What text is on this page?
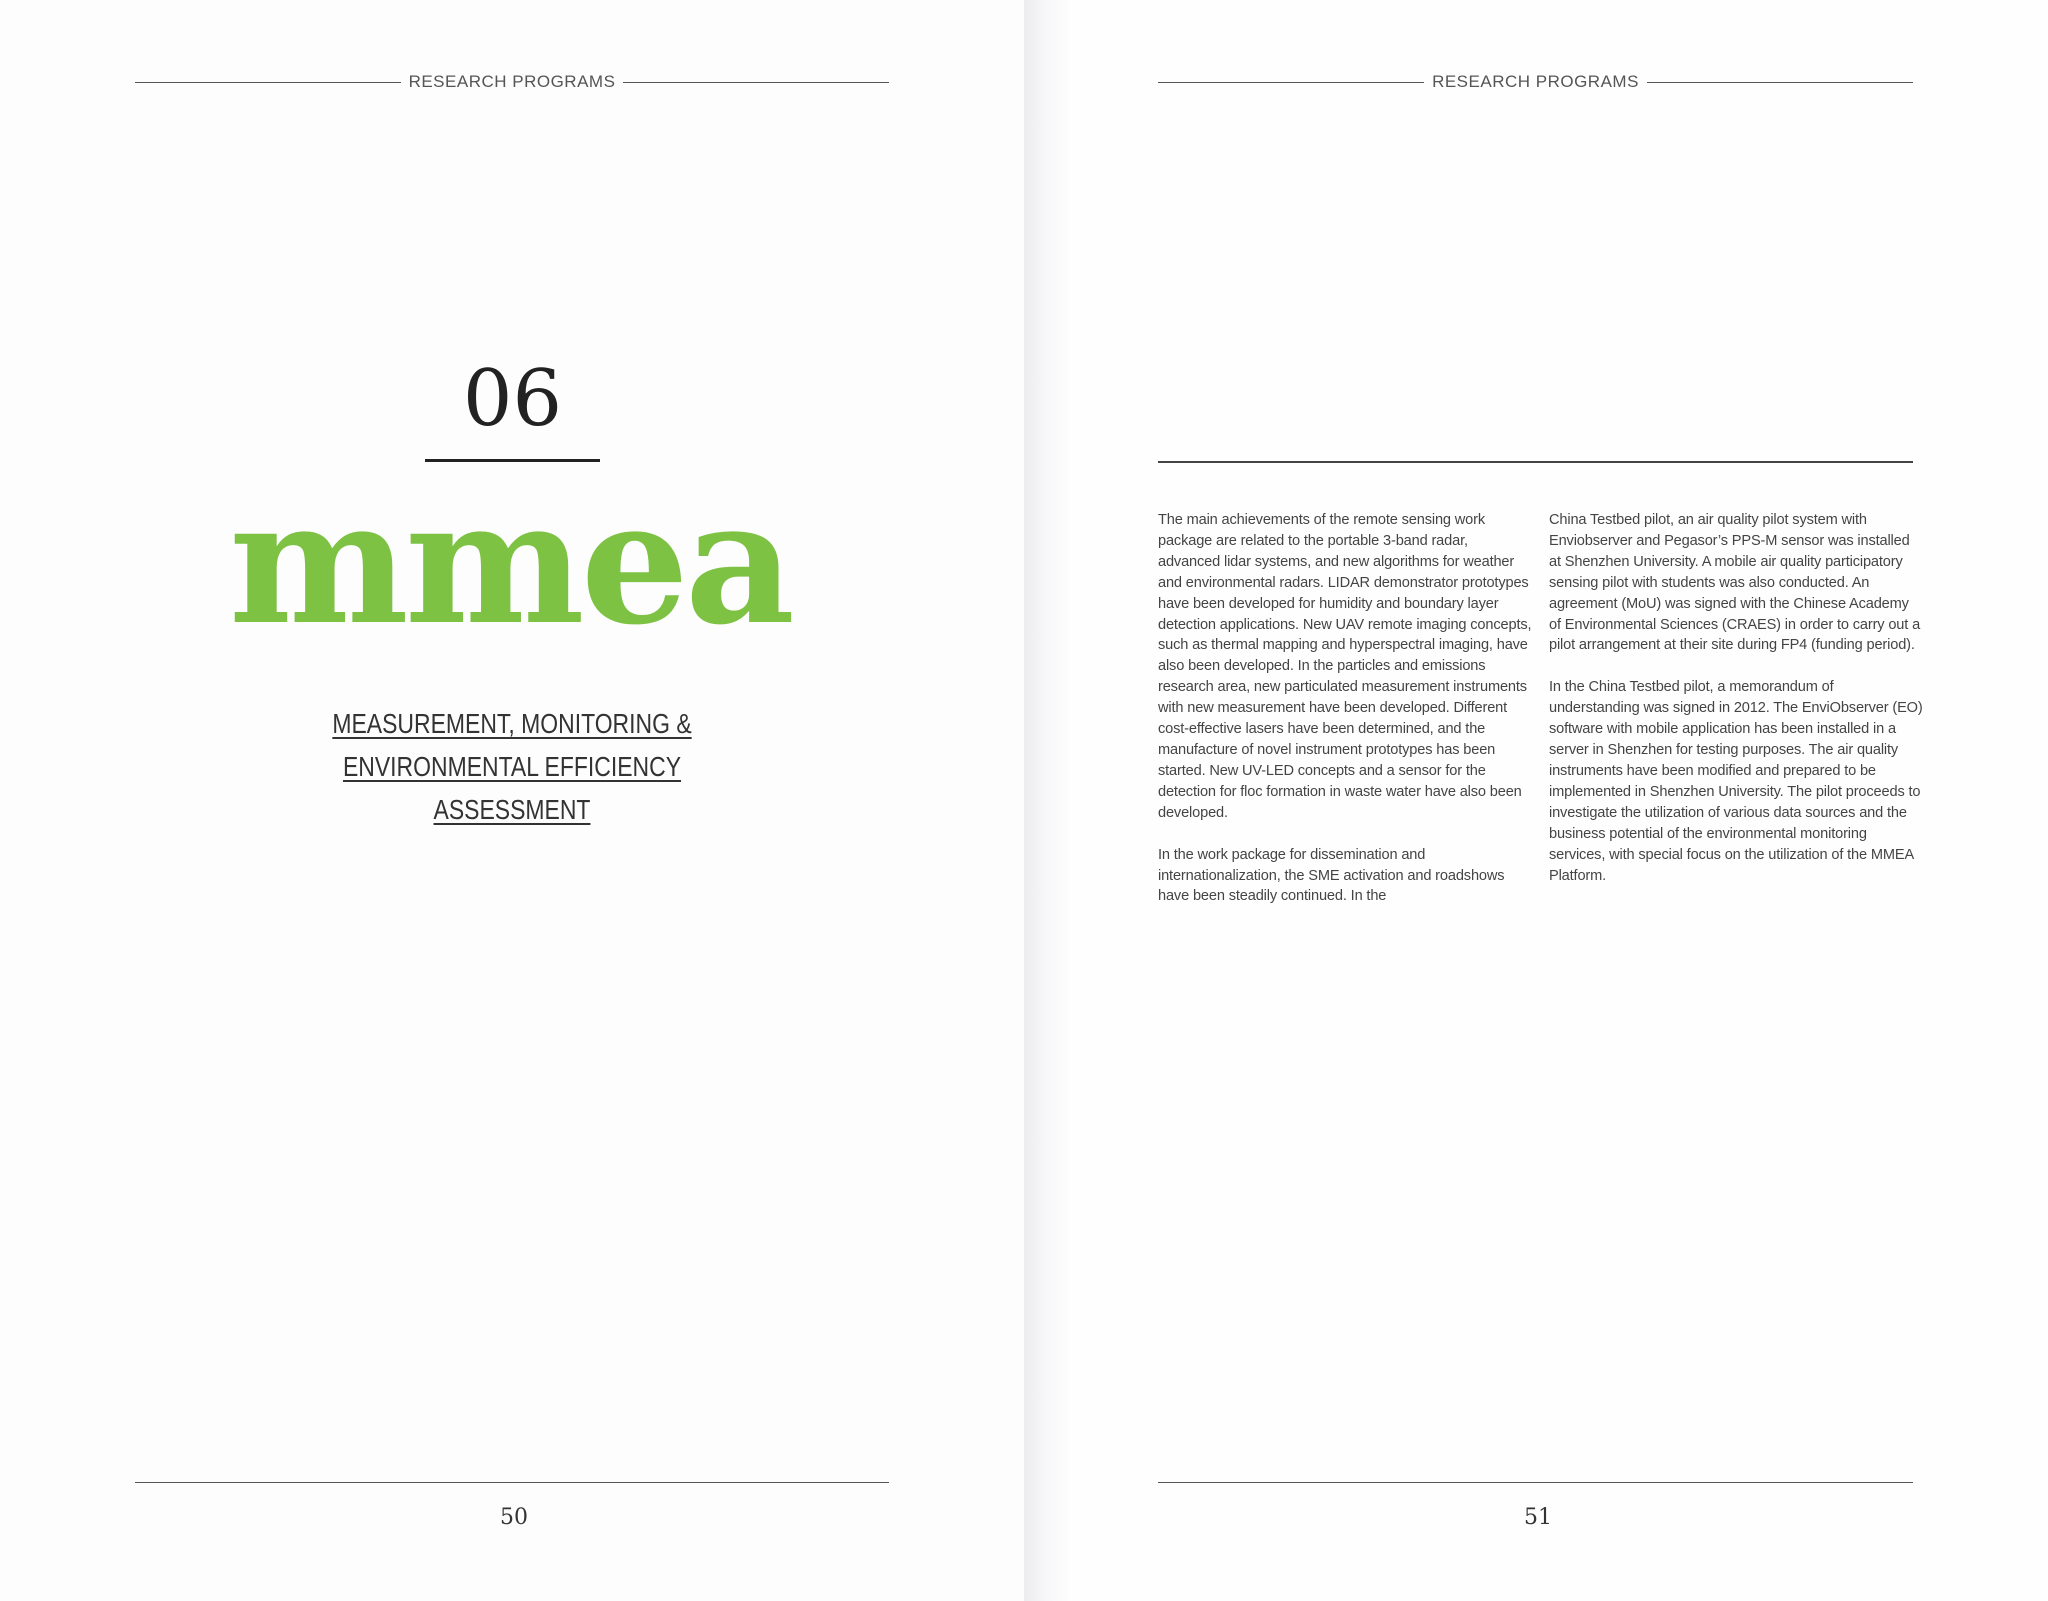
RESEARCH PROGRAMS
06
mmea
MEASUREMENT, MONITORING &
ENVIRONMENTAL EFFICIENCY
ASSESSMENT
50
RESEARCH PROGRAMS

The main achievements of the remote sensing work package are related to the portable 3-band radar, advanced lidar systems, and new algorithms for weather and environmental radars. LIDAR demonstrator prototypes have been developed for humidity and boundary layer detection applications. New UAV remote imaging concepts, such as thermal mapping and hyperspectral imaging, have also been developed. In the particles and emissions research area, new particulated measurement instruments with new measurement have been developed. Different cost-effective lasers have been determined, and the manufacture of novel instrument prototypes has been started. New UV-LED concepts and a sensor for the detection for floc formation in waste water have also been developed.

In the work package for dissemination and internationalization, the SME activation and roadshows have been steadily continued. In the

China Testbed pilot, an air quality pilot system with Enviobserver and Pegasor’s PPS-M sensor was installed at Shenzhen University. A mobile air quality participatory sensing pilot with students was also conducted. An agreement (MoU) was signed with the Chinese Academy of Environmental Sciences (CRAES) in order to carry out a pilot arrangement at their site during FP4 (funding period).

In the China Testbed pilot, a memorandum of understanding was signed in 2012. The EnviObserver (EO) software with mobile application has been installed in a server in Shenzhen for testing purposes. The air quality instruments have been modified and prepared to be implemented in Shenzhen University. The pilot proceeds to investigate the utilization of various data sources and the business potential of the environmental monitoring services, with special focus on the utilization of the MMEA Platform.

51
